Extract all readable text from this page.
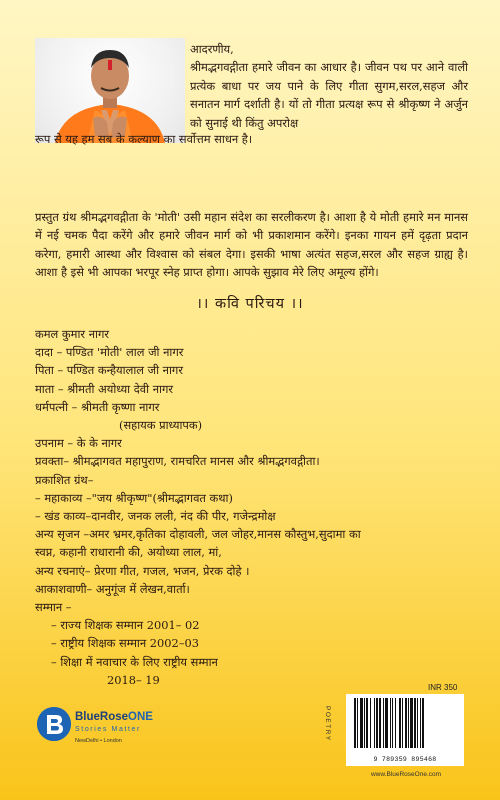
आदरणीय,
श्रीमद्भगवद्गीता हमारे जीवन का आधार है। जीवन पथ पर आने वाली प्रत्येक बाधा पर जय पाने के लिए गीता सुगम,सरल,सहज और सनातन मार्ग दर्शाती है। यों तो गीता प्रत्यक्ष रूप से श्रीकृष्ण ने अर्जुन को सुनाई थी किंतु अपरोक्ष
रूप से यह हम सब के कल्याण का सर्वोत्तम साधन है।
प्रस्तुत ग्रंथ श्रीमद्भगवद्गीता के 'मोती' उसी महान संदेश का सरलीकरण है। आशा है ये मोती हमारे मन मानस में नई चमक पैदा करेंगे और हमारे जीवन मार्ग को भी प्रकाशमान करेंगे। इनका गायन हमें दृढ़ता प्रदान करेगा, हमारी आस्था और विश्वास को संबल देगा। इसकी भाषा अत्यंत सहज,सरल और सहज ग्राह्य है। आशा है इसे भी आपका भरपूर स्नेह प्राप्त होगा। आपके सुझाव मेरे लिए अमूल्य होंगे।
।। कवि परिचय ।।
कमल कुमार नागर
दादा – पण्डित 'मोती' लाल जी नागर
पिता – पण्डित कन्हैयालाल जी नागर
माता – श्रीमती अयोध्या देवी नागर
धर्मपत्नी – श्रीमती कृष्णा नागर
(सहायक प्राध्यापक)
उपनाम – के के नागर
प्रवक्ता– श्रीमद्भागवत महापुराण, रामचरित मानस और श्रीमद्भगवद्गीता।
प्रकाशित ग्रंथ–
– महाकाव्य –"जय श्रीकृष्ण"(श्रीमद्भागवत कथा)
– खंड काव्य–दानवीर, जनक लली, नंद की पीर, गजेन्द्रमोक्ष
अन्य सृजन –अमर भ्रमर,कृतिका दोहावली, जल जोहर,मानस कौस्तुभ,सुदामा का
स्वप्न, कहानी राधारानी की, अयोध्या लाल, मां,
अन्य रचनाएं– प्रेरणा गीत, गजल, भजन, प्रेरक दोहे ।
आकाशवाणी– अनुगूंज में लेखन,वार्ता।
सम्मान –
– राज्य शिक्षक सम्मान 2001– 02
– राष्ट्रीय शिक्षक सम्मान 2002–03
– शिक्षा में नवाचार के लिए राष्ट्रीय सम्मान
2018– 19
BlueRoseONE
Stories Matter
NewDelhi • London
INR 350
POETRY
9 789359 895468
www.BlueRoseOne.com
